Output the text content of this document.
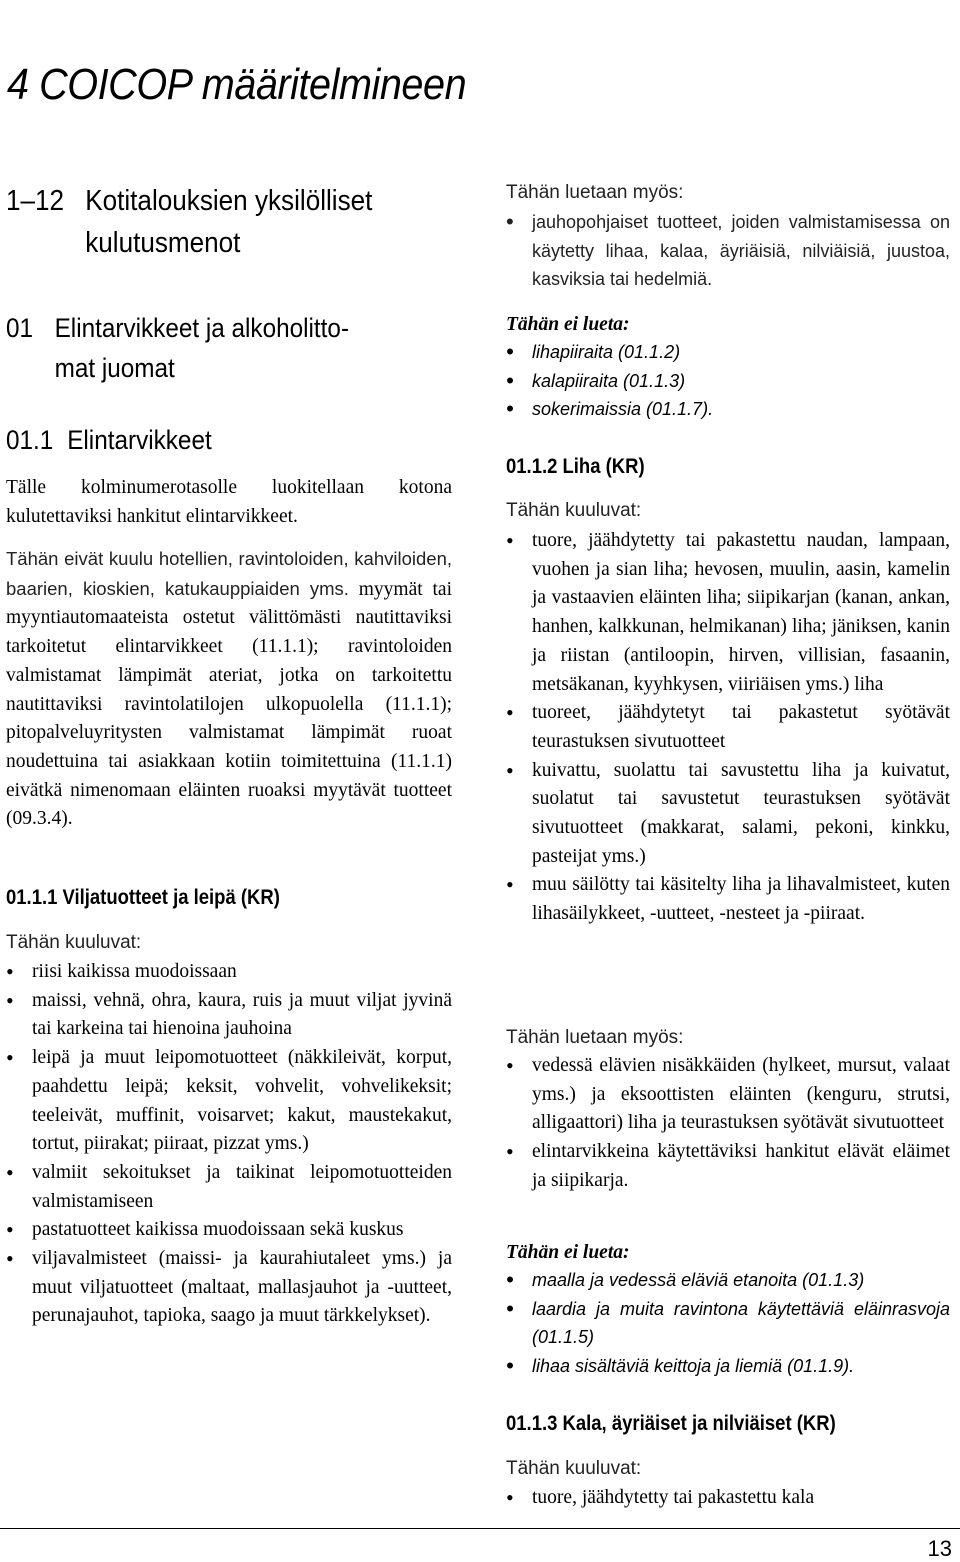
4 COICOP määritelmineen
1–12 Kotitalouksien yksilölliset
kulutusmenot
01 Elintarvikkeet ja alkoholitto-
mat juomat
01.1 Elintarvikkeet
Tälle kolminumerotasolle luokitellaan kotona kulutettaviksi hankitut elintarvikkeet.
Tähän eivät kuulu hotellien, ravintoloiden, kahviloiden, baarien, kioskien, katukauppiaiden yms. myymät tai myyntiautomaateista ostetut välittömästi nautittaviksi tarkoitetut elintarvikkeet (11.1.1); ravintoloiden valmistamat lämpimät ateriat, jotka on tarkoitettu nautittaviksi ravintolatilojen ulkopuolella (11.1.1); pitopalveluyritysten valmistamat lämpimät ruoat noudettuina tai asiakkaan kotiin toimitettuina (11.1.1) eivätkä nimenomaan eläinten ruoaksi myytävät tuotteet (09.3.4).
01.1.1 Viljatuotteet ja leipä (KR)
Tähän kuuluvat:
• riisi kaikissa muodoissaan
• maissi, vehnä, ohra, kaura, ruis ja muut viljat jyvinä tai karkeina tai hienoina jauhoina
• leipä ja muut leipomotuotteet (näkkileivät, korput, paahdettu leipä; keksit, vohvelit, vohvelikeksit; teeleivät, muffinit, voisarvet; kakut, maustekakut, tortut, piirakat; piiraat, pizzat yms.)
• valmiit sekoitukset ja taikinat leipomotuotteiden valmistamiseen
• pastatuotteet kaikissa muodoissaan sekä kuskus
• viljavalmisteet (maissi- ja kaurahiutaleet yms.) ja muut viljatuotteet (maltaat, mallasjauhot ja -uutteet, perunajauhot, tapioka, saago ja muut tärkkelykset).
Tähän luetaan myös:
• jauhopohjaiset tuotteet, joiden valmistamisessa on käytetty lihaa, kalaa, äyriäisiä, nilviäisiä, juustoa, kasviksia tai hedelmiä.
Tähän ei lueta:
• lihapiiraita (01.1.2)
• kalapiiraita (01.1.3)
• sokerimaissia (01.1.7).
01.1.2 Liha (KR)
Tähän kuuluvat:
• tuore, jäähdytetty tai pakastettu naudan, lampaan, vuohen ja sian liha; hevosen, muulin, aasin, kamelin ja vastaavien eläinten liha; siipikarjan (kanan, ankan, hanhen, kalkkunan, helmikanan) liha; jäniksen, kanin ja riistan (antiloopin, hirven, villisian, fasaanin, metsäkanan, kyyhkysen, viiriäisen yms.) liha
• tuoreet, jäähdytetyt tai pakastetut syötävät teurastuksen sivutuotteet
• kuivattu, suolattu tai savustettu liha ja kuivatut, suolatut tai savustetut teurastuksen syötävät sivutuotteet (makkarat, salami, pekoni, kinkku, pasteijat yms.)
• muu säilötty tai käsitelty liha ja lihavalmisteet, kuten lihasäilykkeet, -uutteet, -nesteet ja -piiraat.
Tähän luetaan myös:
• vedessä elävien nisäkkäiden (hylkeet, mursut, valaat yms.) ja eksoottisten eläinten (kenguru, strutsi, alligaattori) liha ja teurastuksen syötävät sivutuotteet
• elintarvikkeina käytettäviksi hankitut elävät eläimet ja siipikarja.
Tähän ei lueta:
• maalla ja vedessä eläviä etanoita (01.1.3)
• laardia ja muita ravintona käytettäviä eläinrasvoja (01.1.5)
• lihaa sisältäviä keittoja ja liemiä (01.1.9).
01.1.3 Kala, äyriäiset ja nilviäiset (KR)
Tähän kuuluvat:
• tuore, jäähdytetty tai pakastettu kala
13
